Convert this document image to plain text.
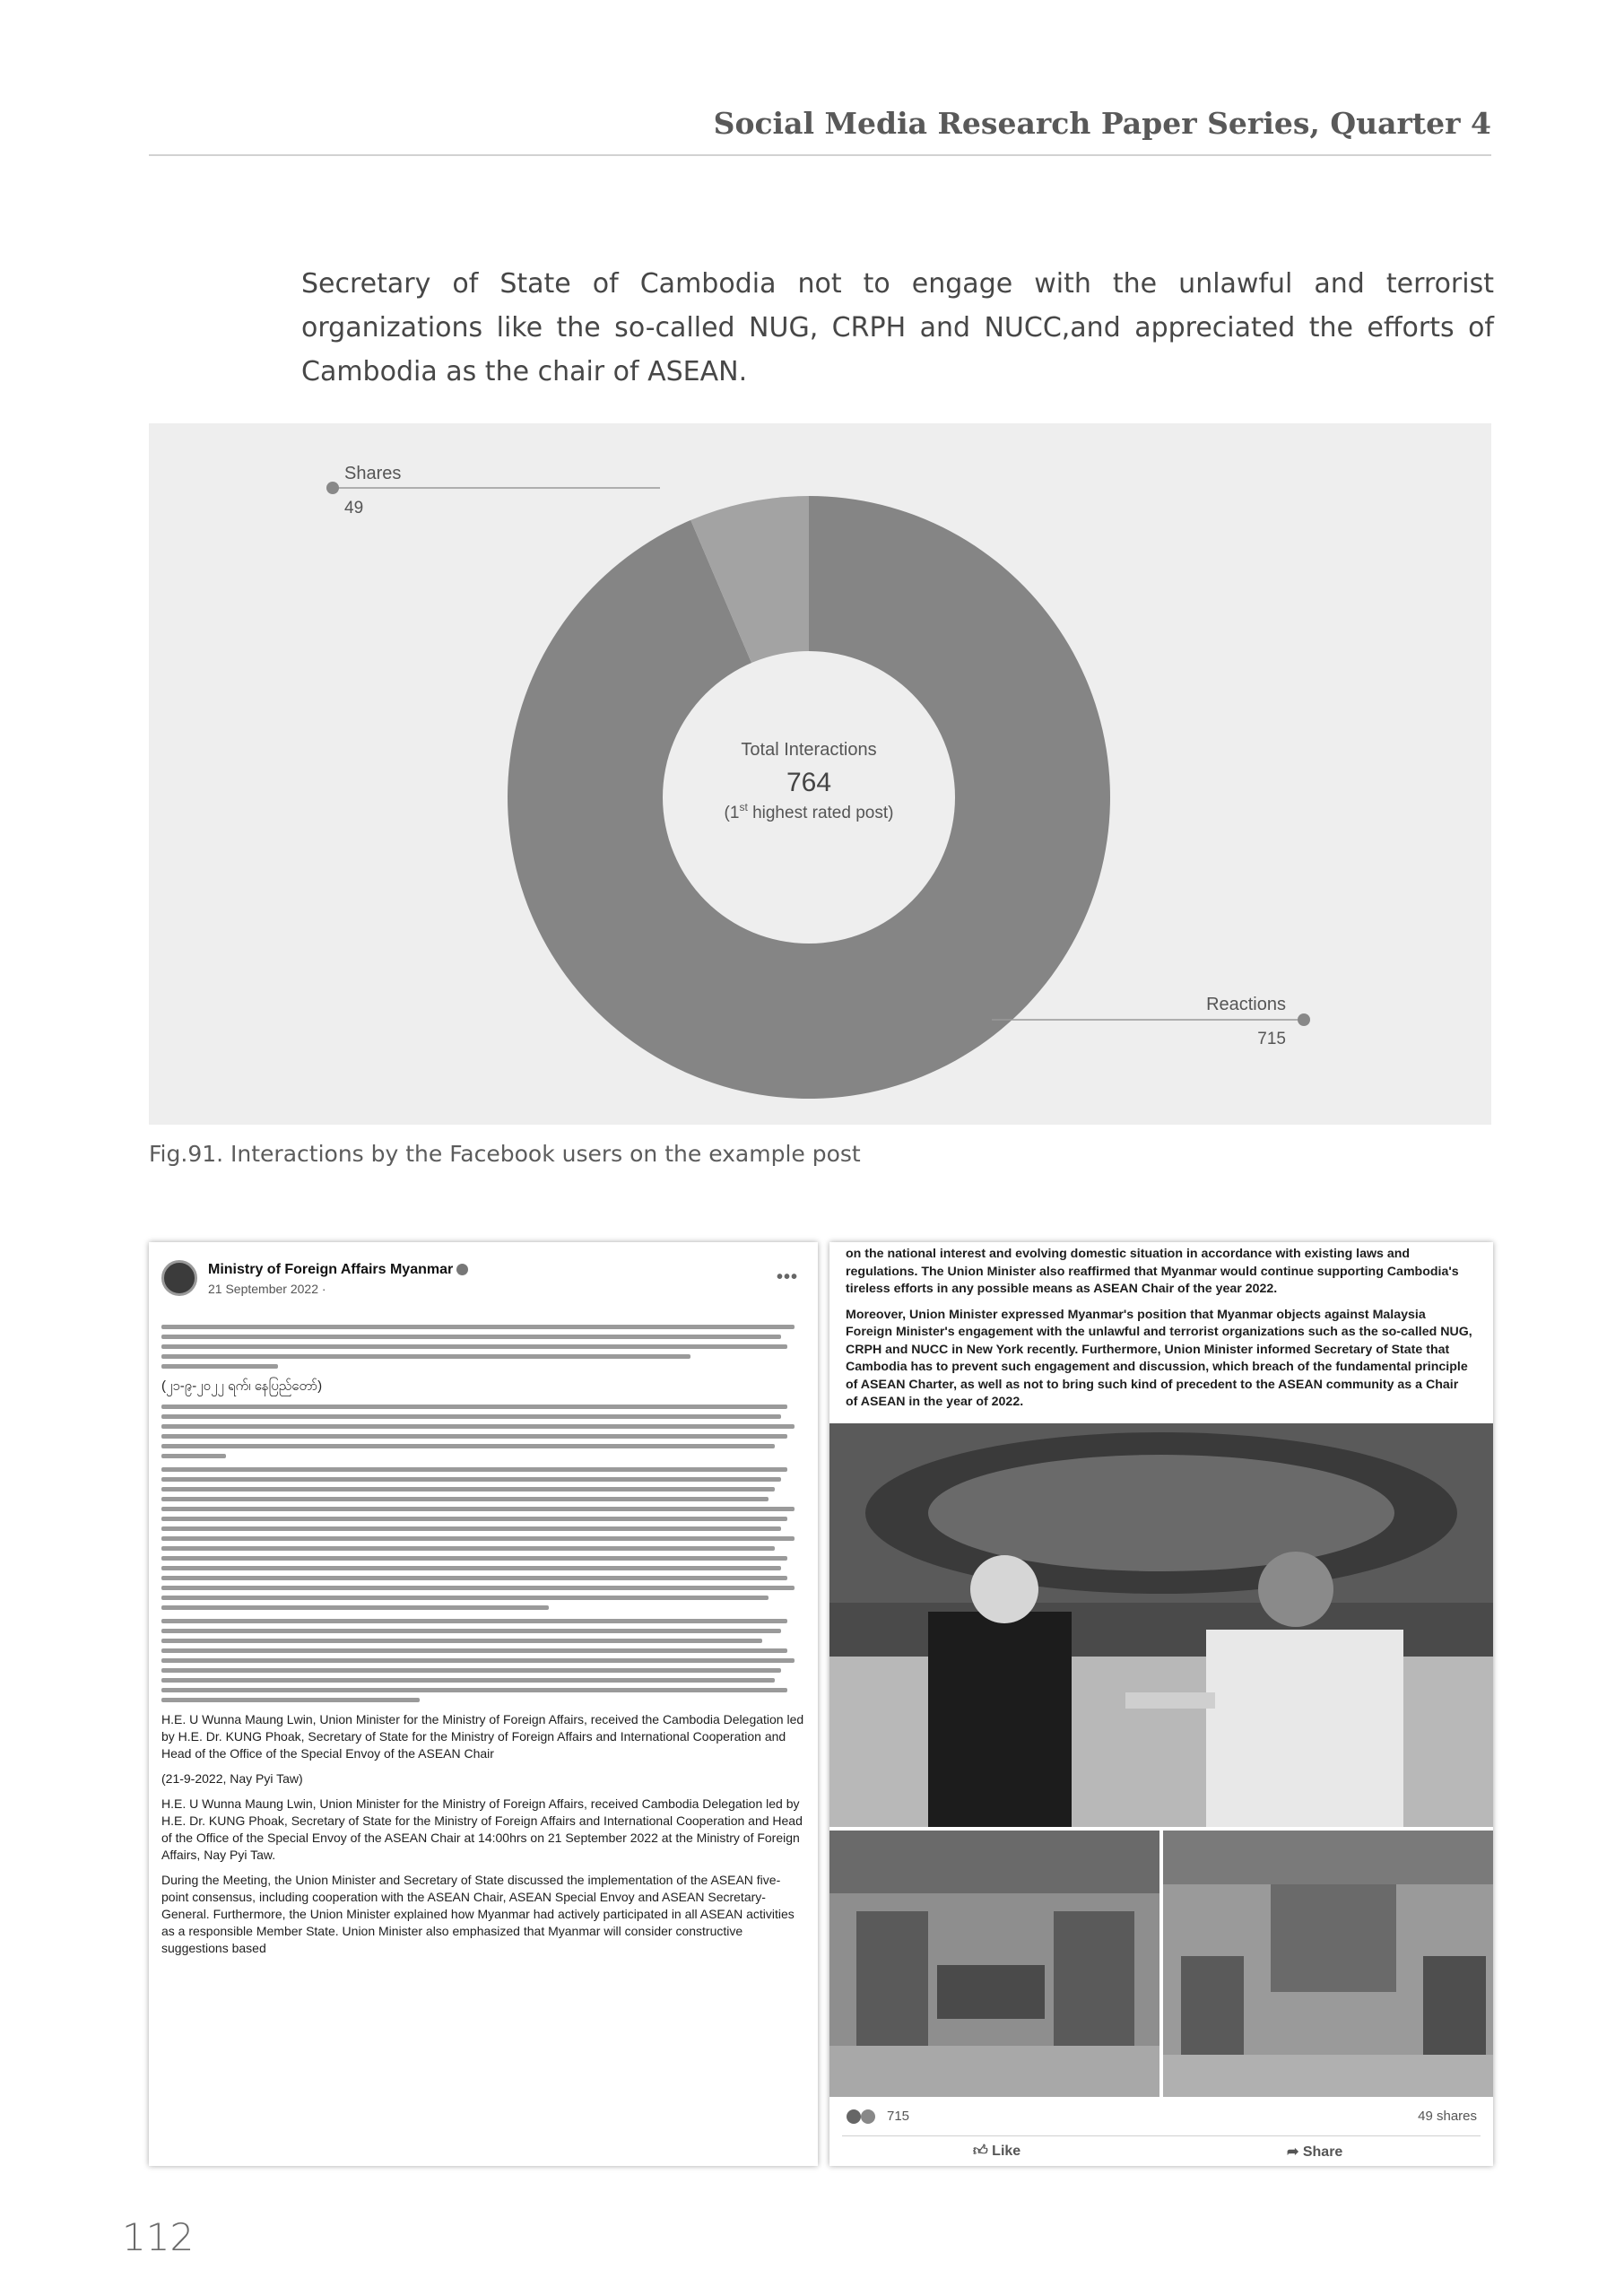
Social Media Research Paper Series, Quarter 4

Secretary of State of Cambodia not to engage with the unlawful and terrorist organizations like the so-called NUG, CRPH and NUCC,and appreciated the efforts of Cambodia as the chair of ASEAN.

Shares
49
Reactions
715
Total Interactions
764
(1st highest rated post)
Fig.91. Interactions by the Facebook users on the example post
Ministry of Foreign Affairs Myanmar
21 September 2022 ·
•••
(၂၁-၉-၂၀၂၂ ရက်၊ နေပြည်တော်)

H.E. U Wunna Maung Lwin, Union Minister for the Ministry of Foreign Affairs, received the Cambodia Delegation led by H.E. Dr. KUNG Phoak, Secretary of State for the Ministry of Foreign Affairs and International Cooperation and Head of the Office of the Special Envoy of the ASEAN Chair

(21-9-2022, Nay Pyi Taw)

H.E. U Wunna Maung Lwin, Union Minister for the Ministry of Foreign Affairs, received Cambodia Delegation led by H.E. Dr. KUNG Phoak, Secretary of State for the Ministry of Foreign Affairs and International Cooperation and Head of the Office of the Special Envoy of the ASEAN Chair at 14:00hrs on 21 September 2022 at the Ministry of Foreign Affairs, Nay Pyi Taw.

During the Meeting, the Union Minister and Secretary of State discussed the implementation of the ASEAN five-point consensus, including cooperation with the ASEAN Chair, ASEAN Special Envoy and ASEAN Secretary-General. Furthermore, the Union Minister explained how Myanmar had actively participated in all ASEAN activities as a responsible Member State. Union Minister also emphasized that Myanmar will consider constructive suggestions based

on the national interest and evolving domestic situation in accordance with existing laws and regulations. The Union Minister also reaffirmed that Myanmar would continue supporting Cambodia's tireless efforts in any possible means as ASEAN Chair of the year 2022.

Moreover, Union Minister expressed Myanmar's position that Myanmar objects against Malaysia Foreign Minister's engagement with the unlawful and terrorist organizations such as the so-called NUG, CRPH and NUCC in New York recently. Furthermore, Union Minister informed Secretary of State that Cambodia has to prevent such engagement and discussion, which breach of the fundamental principle of ASEAN Charter, as well as not to bring such kind of precedent to the ASEAN community as a Chair of ASEAN in the year of 2022.

715	49 shares
👍︎ Like	➦ Share
112
